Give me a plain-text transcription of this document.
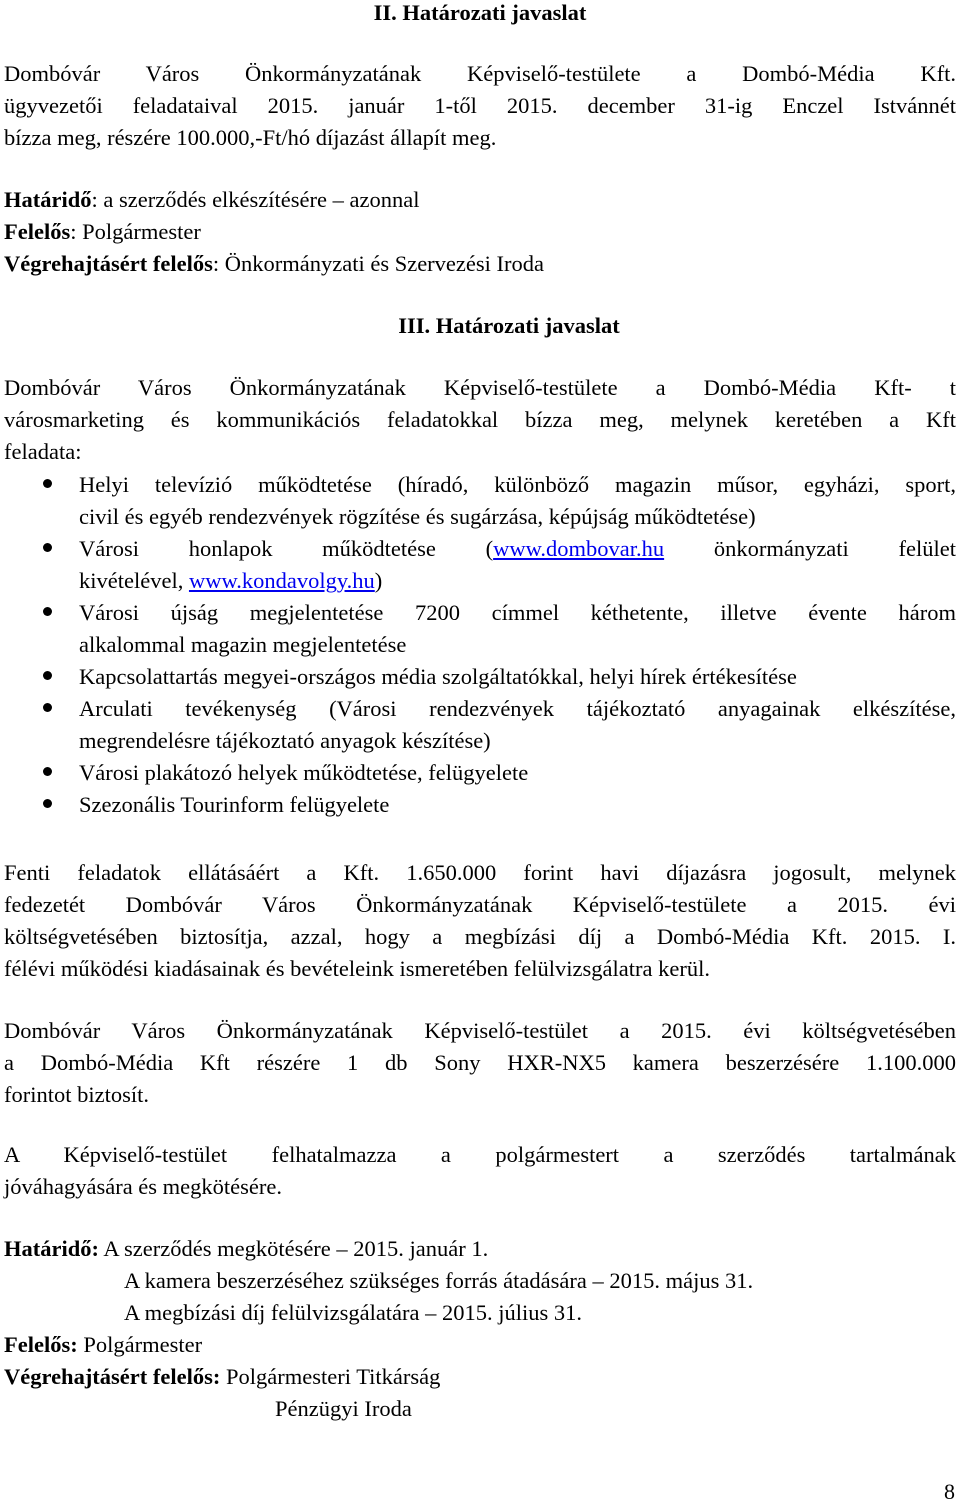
II. Határozati javaslat
Dombóvár Város Önkormányzatának Képviselő-testülete a Dombó-Média Kft.
ügyvezetői feladataival 2015. január 1-től 2015. december 31-ig Enczel Istvánnét
bízza meg, részére 100.000,-Ft/hó díjazást állapít meg.
Határidő: a szerződés elkészítésére – azonnal
Felelős: Polgármester
Végrehajtásért felelős: Önkormányzati és Szervezési Iroda
III. Határozati javaslat
Dombóvár Város Önkormányzatának Képviselő-testülete a Dombó-Média Kft- t
városmarketing és kommunikációs feladatokkal bízza meg, melynek keretében a Kft
feladata:
Helyi televízió működtetése (híradó, különböző magazin műsor, egyházi, sport,
civil és egyéb rendezvények rögzítése és sugárzása, képújság működtetése)
Városi honlapok működtetése (www.dombovar.hu önkormányzati felület
kivételével, www.kondavolgy.hu)
Városi újság megjelentetése 7200 címmel kéthetente, illetve évente három
alkalommal magazin megjelentetése
Kapcsolattartás megyei-országos média szolgáltatókkal, helyi hírek értékesítése
Arculati tevékenység (Városi rendezvények tájékoztató anyagainak elkészítése,
megrendelésre tájékoztató anyagok készítése)
Városi plakátozó helyek működtetése, felügyelete
Szezonális Tourinform felügyelete
Fenti feladatok ellátásáért a Kft. 1.650.000 forint havi díjazásra jogosult, melynek
fedezetét Dombóvár Város Önkormányzatának Képviselő-testülete a 2015. évi
költségvetésében biztosítja, azzal, hogy a megbízási díj a Dombó-Média Kft. 2015. I.
félévi működési kiadásainak és bevételeink ismeretében felülvizsgálatra kerül.
Dombóvár Város Önkormányzatának Képviselő-testület a 2015. évi költségvetésében
a Dombó-Média Kft részére 1 db Sony HXR-NX5 kamera beszerzésére 1.100.000
forintot biztosít.
A Képviselő-testület felhatalmazza a polgármestert a szerződés tartalmának
jóváhagyására és megkötésére.
Határidő: A szerződés megkötésére – 2015. január 1.
A kamera beszerzéséhez szükséges forrás átadására – 2015. május 31.
A megbízási díj felülvizsgálatára – 2015. július 31.
Felelős: Polgármester
Végrehajtásért felelős: Polgármesteri Titkárság
Pénzügyi Iroda
8
